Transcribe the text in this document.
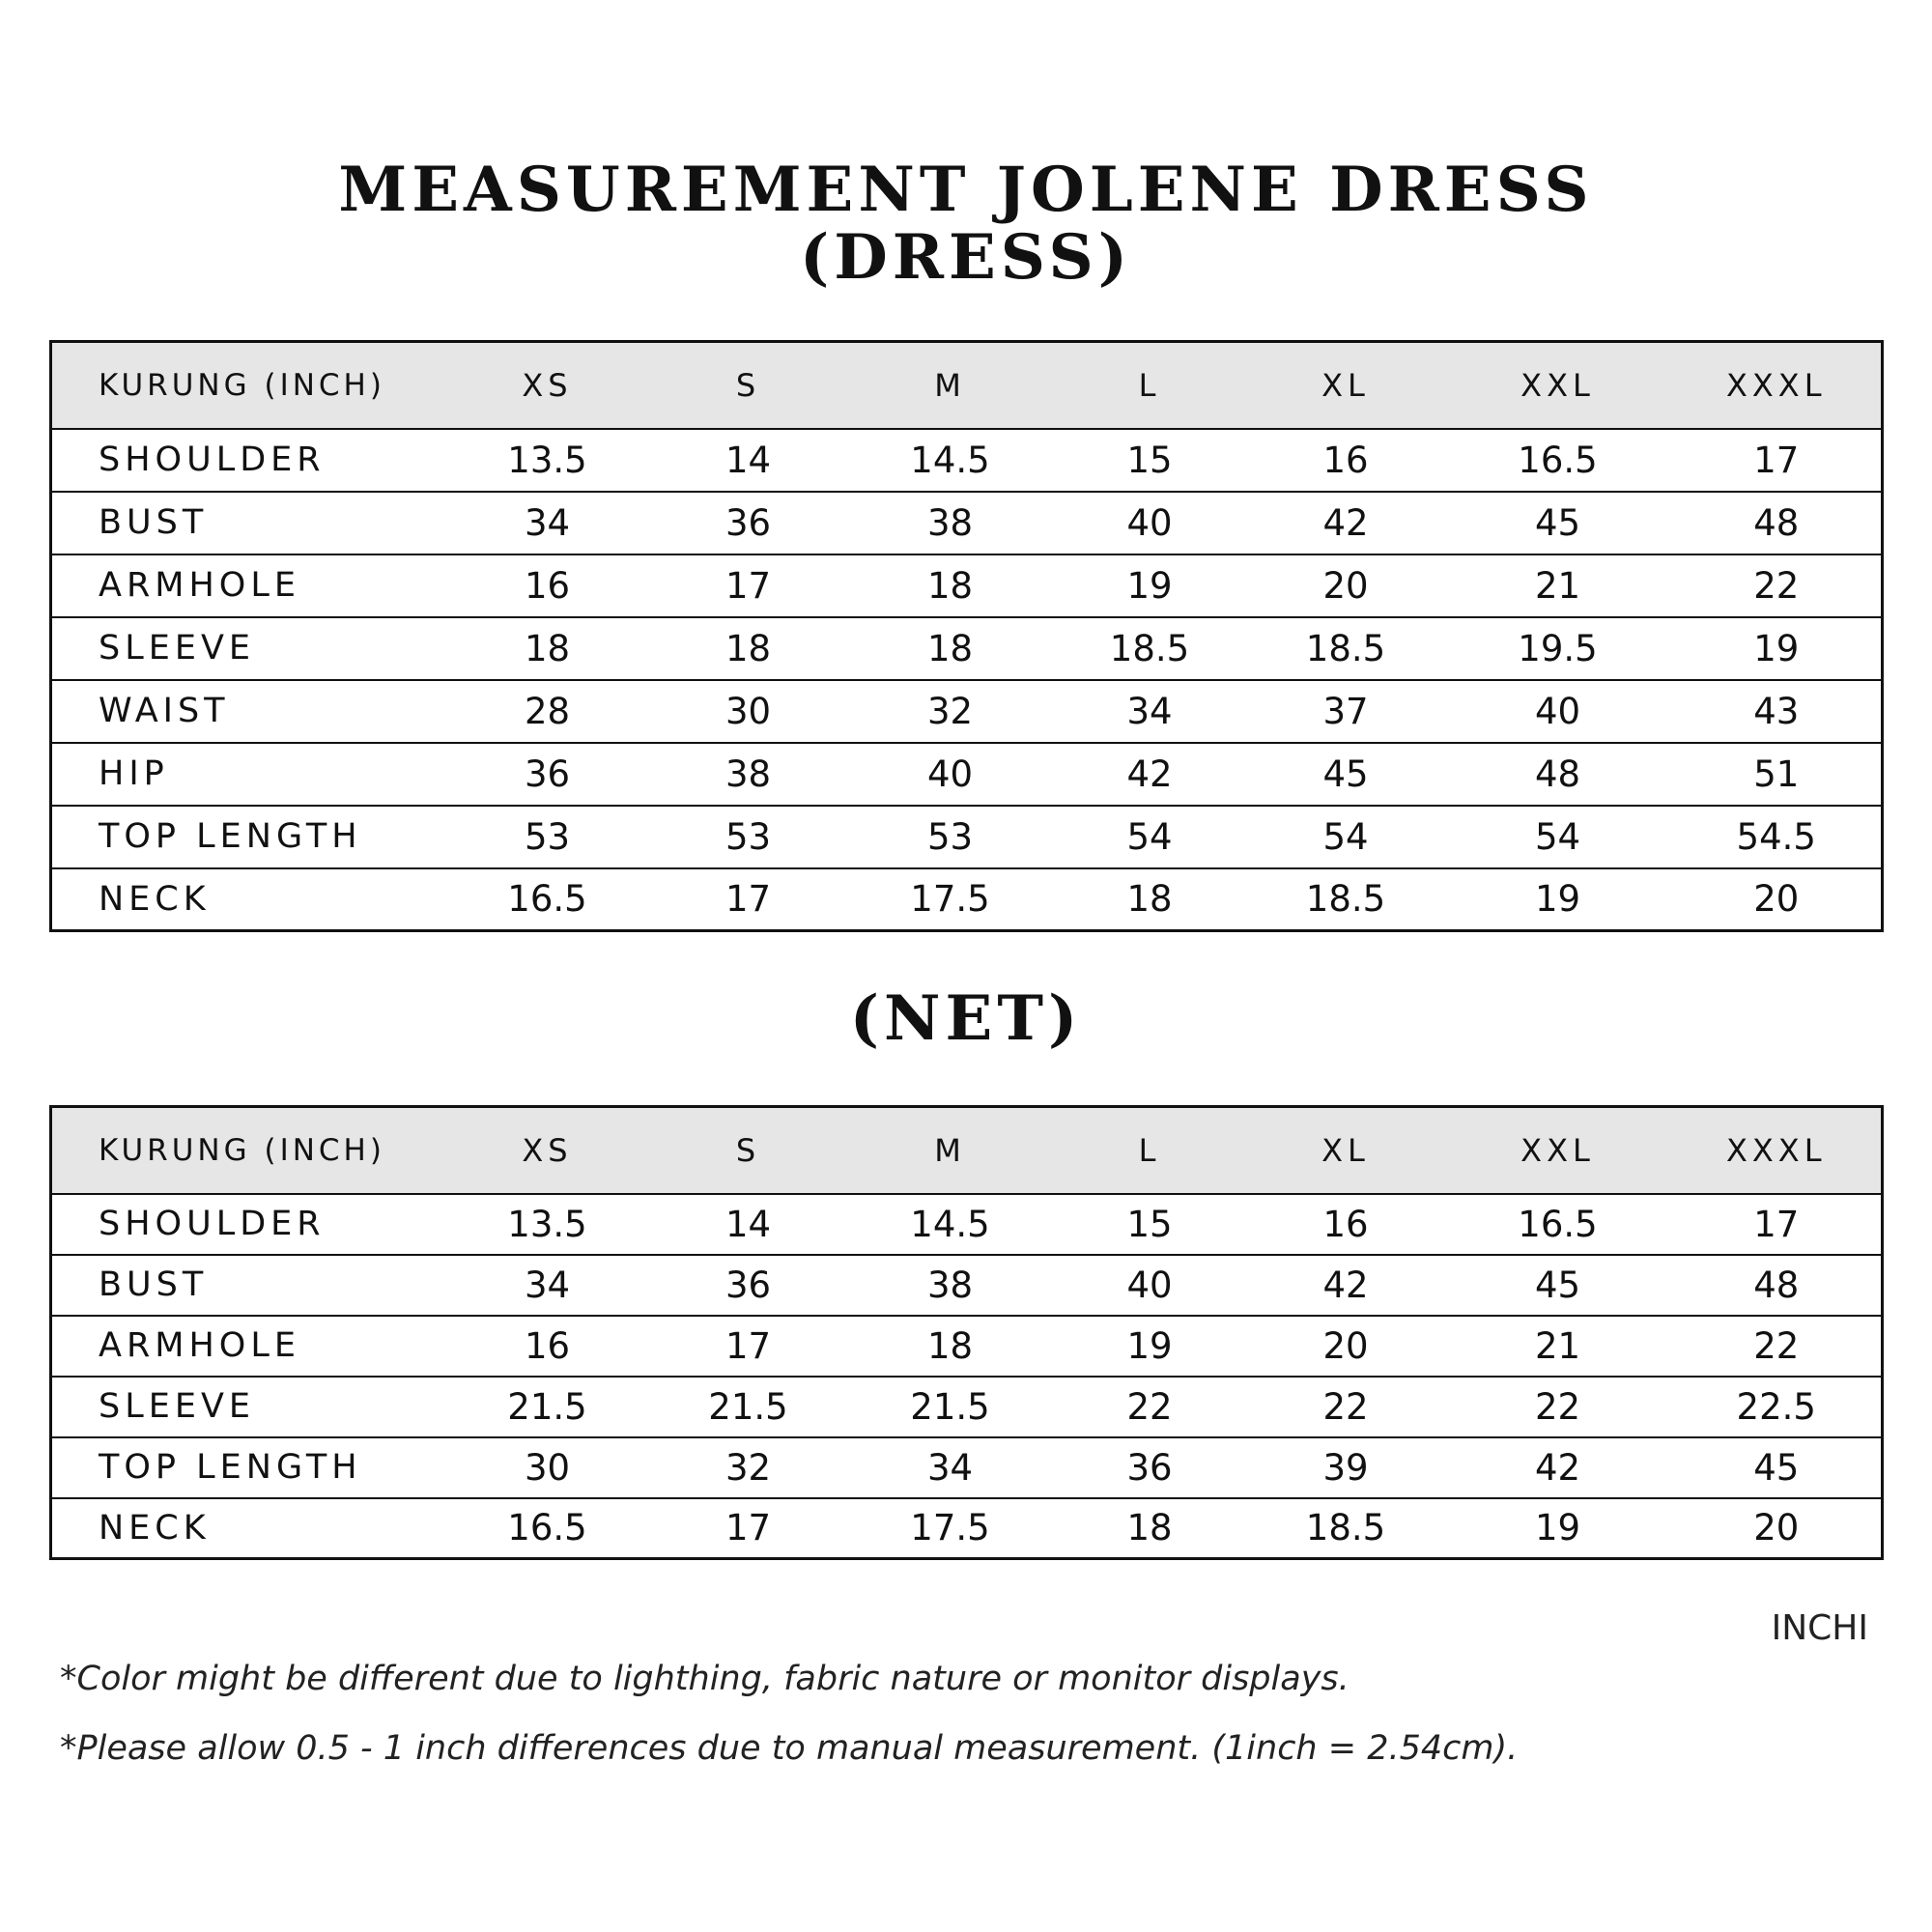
MEASUREMENT JOLENE DRESS
(DRESS)
KURUNG (INCH)	XS	S	M	L	XL	XXL	XXXL
SHOULDER	13.5	14	14.5	15	16	16.5	17
BUST	34	36	38	40	42	45	48
ARMHOLE	16	17	18	19	20	21	22
SLEEVE	18	18	18	18.5	18.5	19.5	19
WAIST	28	30	32	34	37	40	43
HIP	36	38	40	42	45	48	51
TOP LENGTH	53	53	53	54	54	54	54.5
NECK	16.5	17	17.5	18	18.5	19	20
(NET)
KURUNG (INCH)	XS	S	M	L	XL	XXL	XXXL
SHOULDER	13.5	14	14.5	15	16	16.5	17
BUST	34	36	38	40	42	45	48
ARMHOLE	16	17	18	19	20	21	22
SLEEVE	21.5	21.5	21.5	22	22	22	22.5
TOP LENGTH	30	32	34	36	39	42	45
NECK	16.5	17	17.5	18	18.5	19	20
INCHI
*Color might be different due to lighthing, fabric nature or monitor displays.
*Please allow 0.5 - 1 inch differences due to manual measurement. (1inch = 2.54cm).
